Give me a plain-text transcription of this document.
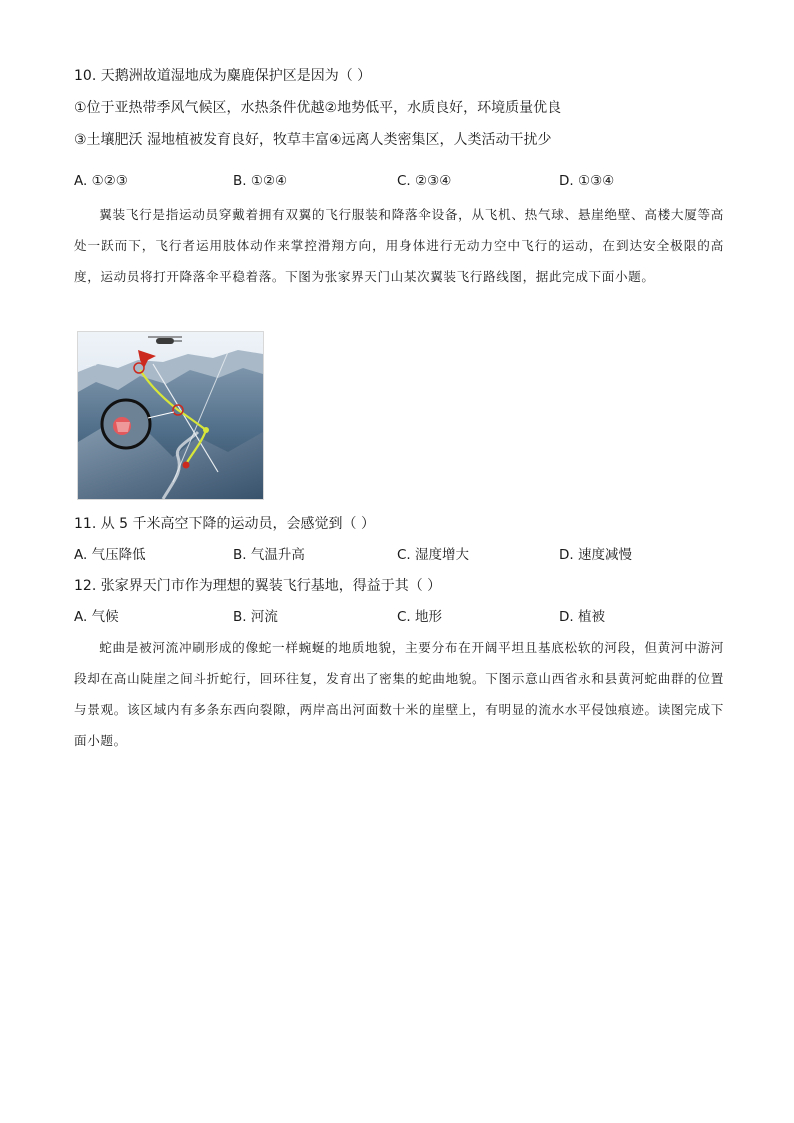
10. 天鹅洲故道湿地成为麋鹿保护区是因为（ ）
①位于亚热带季风气候区，水热条件优越②地势低平，水质良好，环境质量优良
③土壤肥沃 湿地植被发育良好，牧草丰富④远离人类密集区，人类活动干扰少
A. ①②③	B. ①②④	C. ②③④	D. ①③④
翼装飞行是指运动员穿戴着拥有双翼的飞行服装和降落伞设备，从飞机、热气球、悬崖绝壁、高楼大厦等高处一跃而下，飞行者运用肢体动作来掌控滑翔方向，用身体进行无动力空中飞行的运动，在到达安全极限的高度，运动员将打开降落伞平稳着落。下图为张家界天门山某次翼装飞行路线图，据此完成下面小题。
··· ····
11. 从 5 千米高空下降的运动员，会感觉到（ ）
A. 气压降低	B. 气温升高	C. 湿度增大	D. 速度减慢
12. 张家界天门市作为理想的翼装飞行基地，得益于其（ ）
A. 气候	B. 河流	C. 地形	D. 植被
蛇曲是被河流冲刷形成的像蛇一样蜿蜒的地质地貌，主要分布在开阔平坦且基底松软的河段，但黄河中游河段却在高山陡崖之间斗折蛇行，回环往复，发育出了密集的蛇曲地貌。下图示意山西省永和县黄河蛇曲群的位置与景观。该区域内有多条东西向裂隙，两岸高出河面数十米的崖壁上，有明显的流水水平侵蚀痕迹。读图完成下面小题。
